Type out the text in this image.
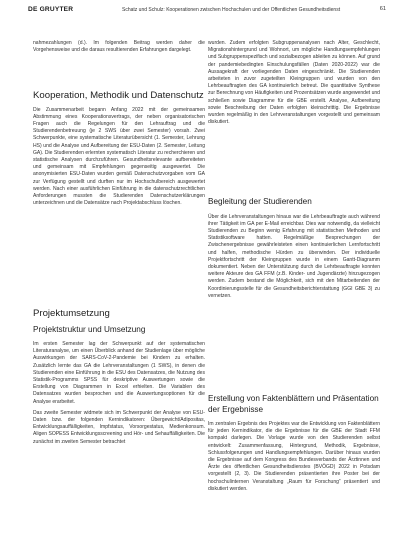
DE GRUYTER	Schatz und Schulz: Kooperationen zwischen Hochschulen und der Öffentlichen Gesundheitsdienst	61

nahmezahlungen (d.). Im folgenden Beitrag werden daher die Vorgehensweise und die daraus resultierenden Erfahrungen dargelegt.

Kooperation, Methodik und Datenschutz

Die Zusammenarbeit begann Anfang 2022 mit der gemeinsamen Abstimmung eines Kooperationsvertrags, der neben organisatorischen Fragen auch die Regelungen für den Lehrauftrag und die Studierendenbetreuung (je 2 SWS über zwei Semester) vorsah. Zwei Schwerpunkte, eine systematische Literaturübersicht (1. Semester, Lehrung HS) und die Analyse und Aufbereitung der ESU-Daten (2. Semester, Leitung GA). Die Studierenden erlernten systematisch Literatur zu recherchieren und statistische Analysen durchzuführen. Gesundheitsrelevante aufbereiteten und gemeinsam mit Empfehlungen gegenseitig ausgewertet. Die anonymisierten ESU-Daten wurden gemäß Datenschutzvorgaben vom GA zur Verfügung gestellt und durften nur im Hochschulbereich ausgewertet werden. Nach einer ausführlichen Einführung in die datenschutzrechtlichen Anforderungen mussten die Studierenden Datenschutzerklärungen unterzeichnen und die Datensätze nach Projektabschluss löschen.

Projektumsetzung
Projektstruktur und Umsetzung

Im ersten Semester lag der Schwerpunkt auf der systematischen Literaturanalyse, um einen Überblick anhand der Studienlage über mögliche Auswirkungen der SARS-CoV-2-Pandemie bei Kindern zu erhalten. Zusätzlich lernte das GA die Lehrveranstaltungen (1 SWS), in denen die Studierenden eine Einführung in die ESU des Datensatzes, die Nutzung des Statistik-Programms SPSS für deskriptive Auswertungen sowie die Erstellung von Diagrammen in Excel erhielten. Die Variablen des Datensatzes wurden besprochen und die Auswertungsoptionen für die Analyse erarbeitet.

Das zweite Semester widmete sich im Schwerpunkt der Analyse von ESU-Daten bzw. der folgenden Kernindikatoren: Übergewicht/Adipositas, Entwicklungsauffälligkeiten, Impfstatus, Vorsorgestatus, Medienkonsum. Aligen SOPESS Entwicklungsscreening und Hör- und Sehauffälligkeiten. Die zunächst im zweiten Semester betrachtet

wurden. Zudem erfolgten Subgruppenanalysen nach Alter, Geschlecht, Migrationshintergrund und Wohnort, um mögliche Handlungsempfehlungen und Subgruppenspezifisch und sozialbezogen ableiten zu können. Auf grund der pandemiebedingten Einschulungsfällen (Daten 2020-2022) war die Aussagekraft der vorliegenden Daten eingeschränkt. Die Studierenden arbeiteten in zuvor zugeteilten Kleingruppen und wurden von den Lehrbeauftragten des GA kontinuierlich betreut. Die quantitative Synthese zur Berechnung von Häufigkeiten und Prozentsätzen wurde angewendet und schließen sowie Diagramme für die GBE erstellt. Analyse, Aufbereitung sowie Beschreibung der Daten erfolgten kleinschrittig. Die Ergebnisse wurden regelmäßig in den Lehrveranstaltungen vorgestellt und gemeinsam diskutiert.

Begleitung der Studierenden

Über die Lehrveranstaltungen hinaus war die Lehrbeauftragte auch während ihrer Tätigkeit im GA per E-Mail erreichbar. Dies war notwendig, da vielleicht Studierenden zu Beginn wenig Erfahrung mit statistischen Methoden und Statistiksoftware hatten. Regelmäßige Besprechungen der Zwischenergebnisse gewährleisteten einen kontinuierlichen Lernfortschritt und halfen, methodische Hürden zu überwinden. Der individuelle Projektfortschritt der Kleingruppen wurde in einem Gantt-Diagramm dokumentiert. Neben der Unterstützung durch die Lehrbeauftragte konnten weitere Akteure des GA FFM (z.B. Kinder- und Jugendärzte) hinzugezogen werden. Zudem bestand die Möglichkeit, sich mit den Mitarbeitenden der Koordinierungsstelle für die Gesundheitsberichterstattung (GGI GBE 3) zu vernetzen.

Erstellung von Faktenblättern und Präsentation der Ergebnisse

Im zentralen Ergebnis des Projektes war die Entwicklung von Faktenblättern für jeden Kernindikator, die die Ergebnisse für die GBE der Stadt FFM kompakt darlegen. Die Vorlage wurde von den Studierenden selbst entwickelt: Zusammenfassung, Hintergrund, Methodik, Ergebnisse, Schlussfolgerungen und Handlungsempfehlungen. Darüber hinaus wurden die Ergebnisse auf dem Kongress des Bundesverbands der Ärztinnen und Ärzte des öffentlichen Gesundheitsdienstes (BVÖGD) 2022 in Potsdam vorgestellt (2, 3). Die Studierenden präsentierten ihre Poster bei der hochschulinternen Veranstaltung „Raum für Forschung“ präsentiert und diskutiert werden.
